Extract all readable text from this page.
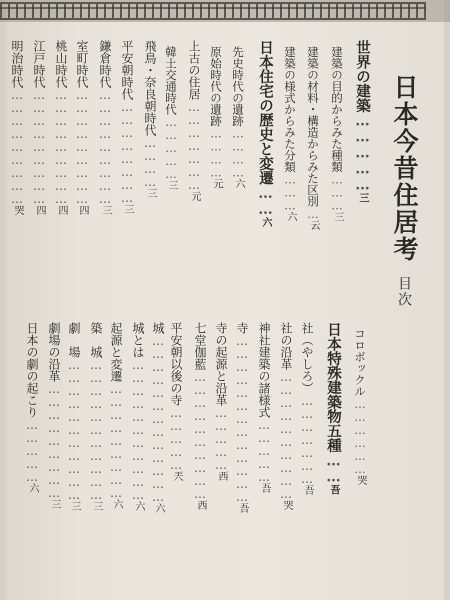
日本今昔住居考
目次
世界の建築……………三
建築の目的からみた種類………三
建築の材料・構造からみた区別…云
建築の様式からみた分類………六
日本住宅の歴史と変遷……六
先史時代の遺跡…………六
原始時代の遺跡…………元
上古の住居…………………元
韓土交通時代……………三
飛鳥・奈良朝時代…………三
平安朝時代……………………三
鎌倉時代………………………三
室町時代………………………四
桃山時代………………………四
江戸時代………………………四
明治時代………………………哭
コロボックル………………哭
日本特殊建築物五種……吾
社（やしろ）…………………吾
社の沿革…………………………哭
神社建築の諸様式……………吾
寺…………………………………吾
寺の起源と沿革……………西
七堂伽藍…………………………西
平安朝以後の寺……………兲
城…………………………………六
城とは……………………………六
起源と変遷………………………六
築　城……………………………三
劇　場……………………………三
劇場の沿革………………………三
日本の劇の起こり……………六
